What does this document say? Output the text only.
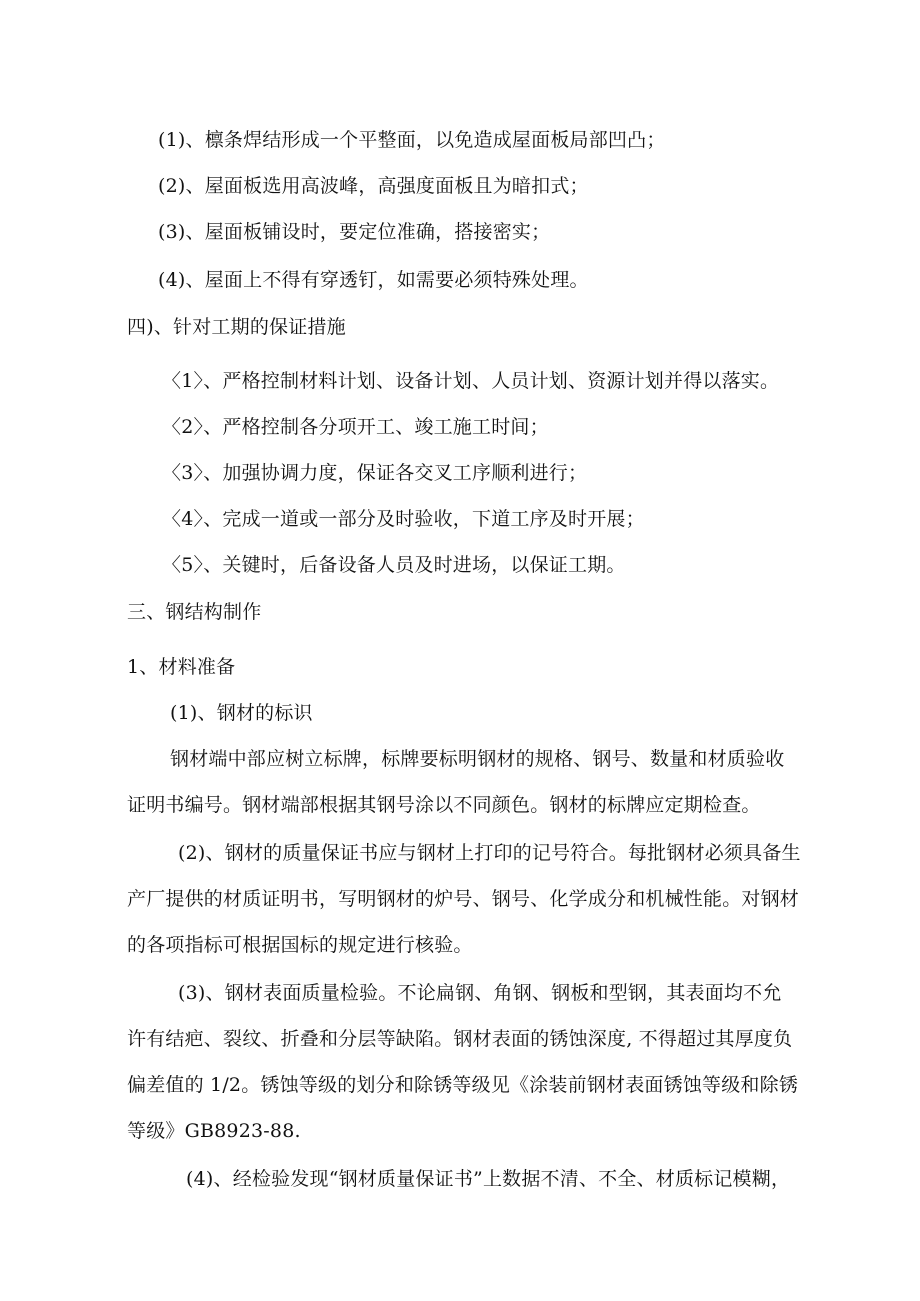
(1)、檩条焊结形成一个平整面，以免造成屋面板局部凹凸；
(2)、屋面板选用高波峰，高强度面板且为暗扣式；
(3)、屋面板铺设时，要定位准确，搭接密实；
(4)、屋面上不得有穿透钉，如需要必须特殊处理。
四)、针对工期的保证措施
〈1〉、严格控制材料计划、设备计划、人员计划、资源计划并得以落实。
〈2〉、严格控制各分项开工、竣工施工时间；
〈3〉、加强协调力度，保证各交叉工序顺利进行；
〈4〉、完成一道或一部分及时验收，下道工序及时开展；
〈5〉、关键时，后备设备人员及时进场，以保证工期。
三、钢结构制作
1、材料准备
(1)、钢材的标识
钢材端中部应树立标牌，标牌要标明钢材的规格、钢号、数量和材质验收
证明书编号。钢材端部根据其钢号涂以不同颜色。钢材的标牌应定期检查。
(2)、钢材的质量保证书应与钢材上打印的记号符合。每批钢材必须具备生
产厂提供的材质证明书，写明钢材的炉号、钢号、化学成分和机械性能。对钢材
的各项指标可根据国标的规定进行核验。
(3)、钢材表面质量检验。不论扁钢、角钢、钢板和型钢，其表面均不允
许有结疤、裂纹、折叠和分层等缺陷。钢材表面的锈蚀深度, 不得超过其厚度负
偏差值的 1/2。锈蚀等级的划分和除锈等级见《涂装前钢材表面锈蚀等级和除锈
等级》GB8923-88.
(4)、经检验发现“钢材质量保证书”上数据不清、不全、材质标记模糊，
